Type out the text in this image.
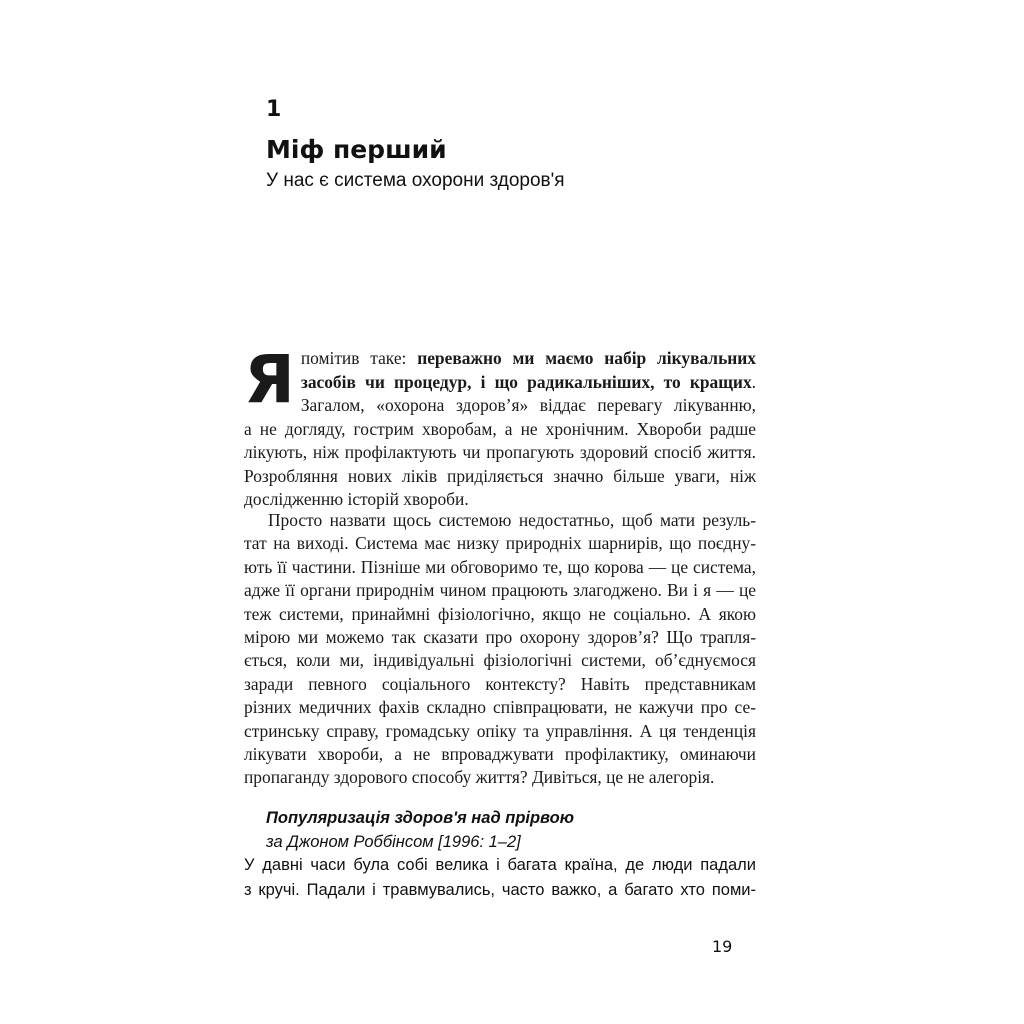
1
Міф перший
У нас є система охорони здоров'я
Я помітив таке: переважно ми маємо набір лікувальних
засобів чи процедур, і що радикальніших, то кращих.
Загалом, «охорона здоров’я» віддає перевагу лікуванню,
а не догляду, гострим хворобам, а не хронічним. Хвороби радше
лікують, ніж профілактують чи пропагують здоровий спосіб життя.
Розробляння нових ліків приділяється значно більше уваги, ніж
дослідженню історій хвороби.
Просто назвати щось системою недостатньо, щоб мати резуль-
тат на виході. Система має низку природніх шарнирів, що поєдну-
ють її частини. Пізніше ми обговоримо те, що корова — це система,
адже її органи природнім чином працюють злагоджено. Ви і я — це
теж системи, принаймні фізіологічно, якщо не соціально. А якою
мірою ми можемо так сказати про охорону здоров’я? Що трапля-
ється, коли ми, індивідуальні фізіологічні системи, об’єднуємося
заради певного соціального контексту? Навіть представникам
різних медичних фахів складно співпрацювати, не кажучи про се-
стринську справу, громадську опіку та управління. А ця тенденція
лікувати хвороби, а не впроваджувати профілактику, оминаючи
пропаганду здорового способу життя? Дивіться, це не алегорія.
Популяризація здоров'я над прірвою
за Джоном Роббінсом [1996: 1–2]
У давні часи була собі велика і багата країна, де люди падали
з кручі. Падали і травмувались, часто важко, а багато хто поми-
19
